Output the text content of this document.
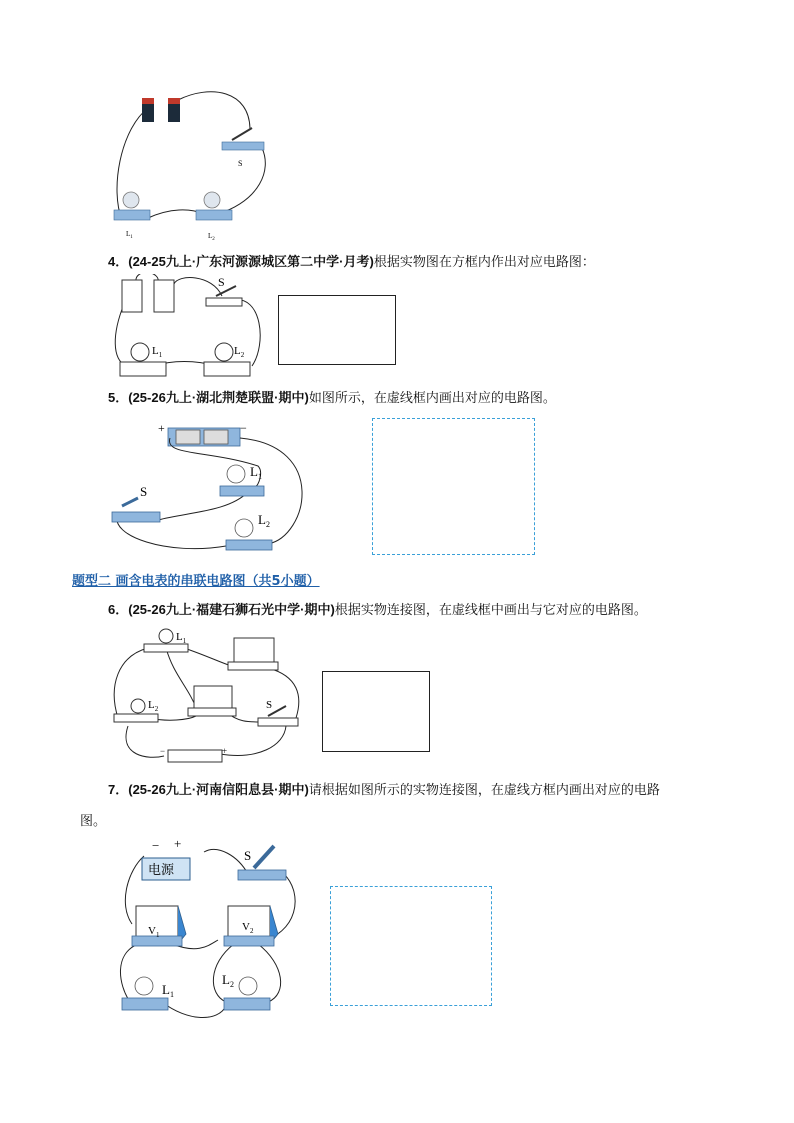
S
$L_1$	$L_2$
4．(24-25九上·广东河源源城区第二中学·月考)根据实物图在方框内作出对应电路图：
S
$L_1$	$L_2$
5．(25-26九上·湖北荆楚联盟·期中)如图所示，在虚线框内画出对应的电路图。
+	−
$L_1$
S
$L_2$
题型二 画含电表的串联电路图（共5小题）
6．(25-26九上·福建石狮石光中学·期中)根据实物连接图，在虚线框中画出与它对应的电路图。
$L_1$
$L_2$	S
−	+
7．(25-26九上·河南信阳息县·期中)请根据如图所示的实物连接图，在虚线方框内画出对应的电路
图。
电源
− +
S
$V_1$
$V_2$
$L_1$
$L_2$
